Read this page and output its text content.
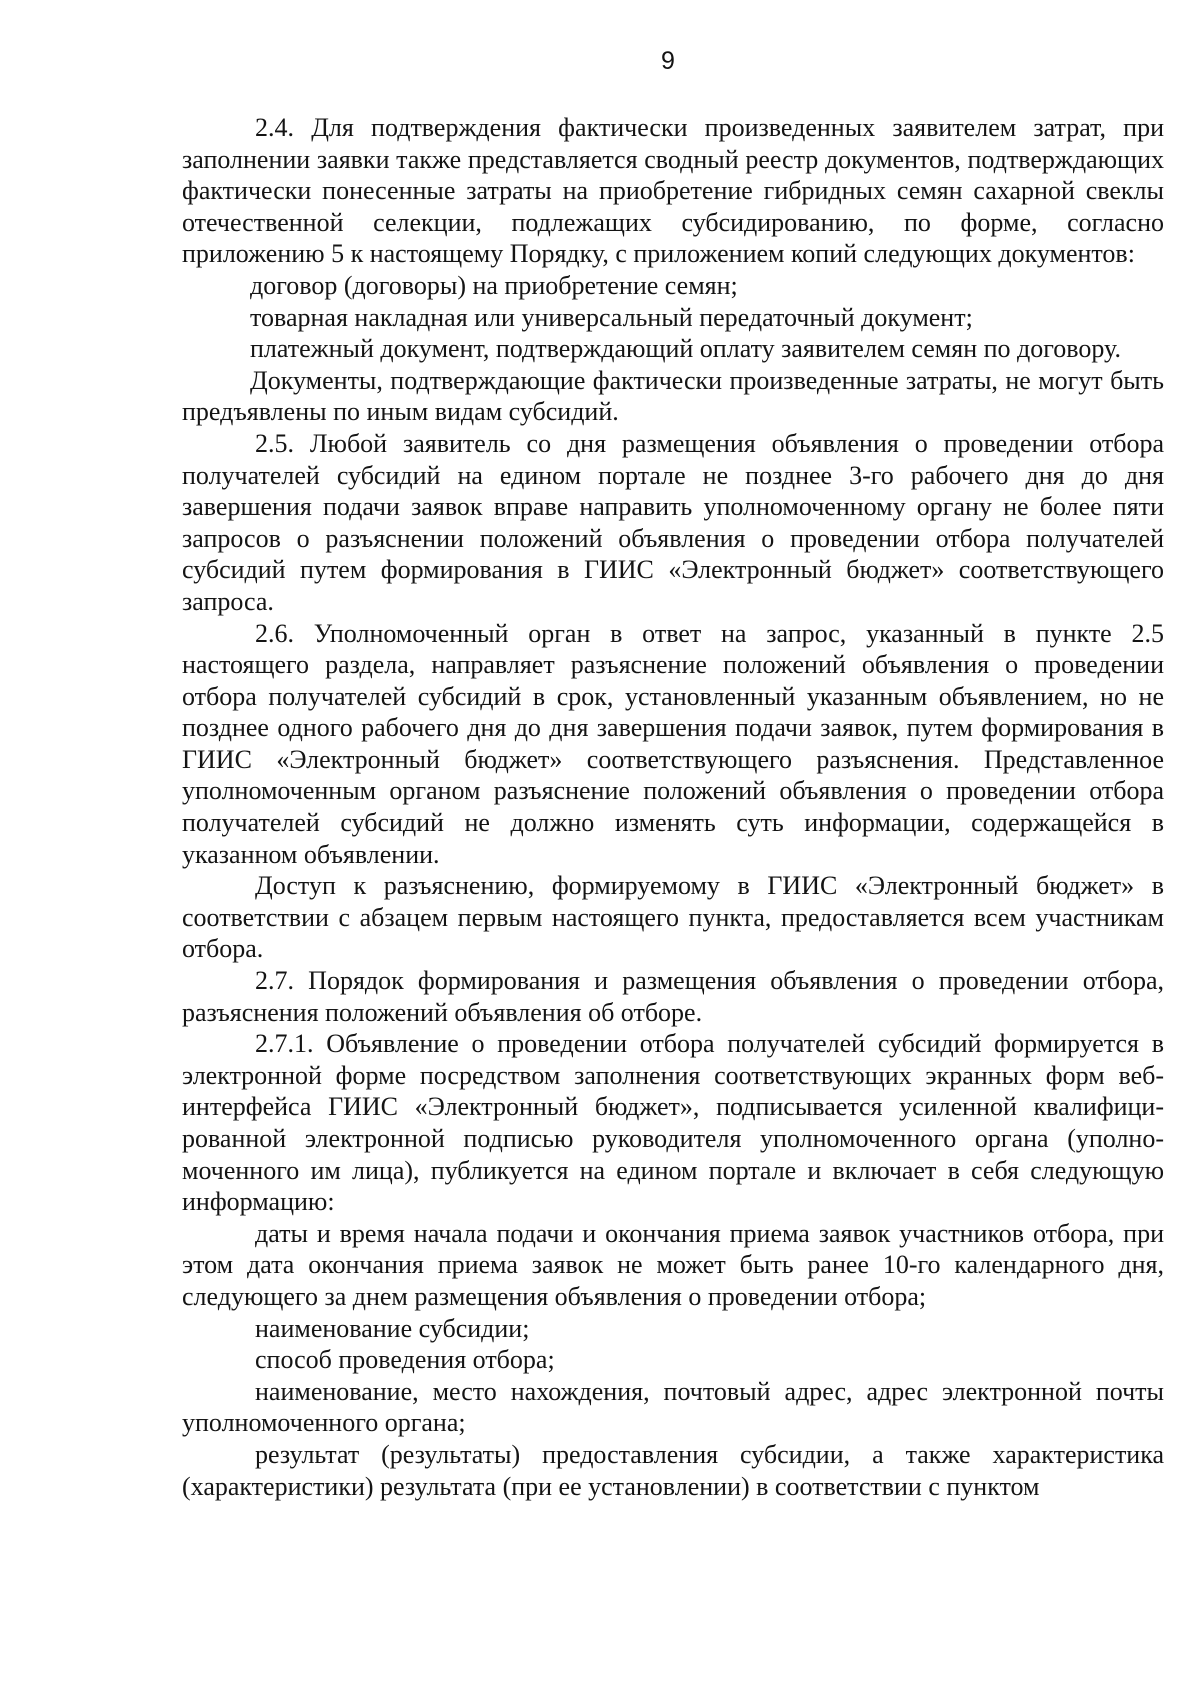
9

2.4. Для подтверждения фактически произведенных заявителем затрат, при заполнении заявки также представляется сводный реестр документов, подтверждающих фактически понесенные затраты на приобретение гибридных семян сахарной свеклы отечественной селекции, подлежащих субсидированию, по форме, согласно приложению 5 к настоящему Порядку, с приложением копий следующих документов:

договор (договоры) на приобретение семян;

товарная накладная или универсальный передаточный документ;

платежный документ, подтверждающий оплату заявителем семян по договору.

Документы, подтверждающие фактически произведенные затраты, не могут быть предъявлены по иным видам субсидий.

2.5. Любой заявитель со дня размещения объявления о проведении отбора получателей субсидий на едином портале не позднее 3-го рабочего дня до дня завершения подачи заявок вправе направить уполномоченному органу не более пяти запросов о разъяснении положений объявления о проведении отбора получателей субсидий путем формирования в ГИИС «Электронный бюджет» соответствующего запроса.

2.6. Уполномоченный орган в ответ на запрос, указанный в пункте 2.5 настоящего раздела, направляет разъяснение положений объявления о проведении отбора получателей субсидий в срок, установленный указанным объявлением, но не позднее одного рабочего дня до дня завершения подачи заявок, путем формирования в ГИИС «Электронный бюджет» соответствующего разъяснения. Представленное уполномоченным органом разъяснение положений объявления о проведении отбора получателей субсидий не должно изменять суть информации, содержащейся в указанном объявлении.

Доступ к разъяснению, формируемому в ГИИС «Электронный бюджет» в соответствии с абзацем первым настоящего пункта, предоставляется всем участникам отбора.

2.7. Порядок формирования и размещения объявления о проведении отбора, разъяснения положений объявления об отборе.

2.7.1. Объявление о проведении отбора получателей субсидий формируется в электронной форме посредством заполнения соответствующих экранных форм веб-интерфейса ГИИС «Электронный бюджет», подписывается усиленной квалифицированной электронной подписью руководителя уполномоченного органа (уполномоченного им лица), публикуется на едином портале и включает в себя следующую информацию:

даты и время начала подачи и окончания приема заявок участников отбора, при этом дата окончания приема заявок не может быть ранее 10-го календарного дня, следующего за днем размещения объявления о проведении отбора;

наименование субсидии;

способ проведения отбора;

наименование, место нахождения, почтовый адрес, адрес электронной почты уполномоченного органа;

результат (результаты) предоставления субсидии, а также характеристика (характеристики) результата (при ее установлении) в соответствии с пунктом
